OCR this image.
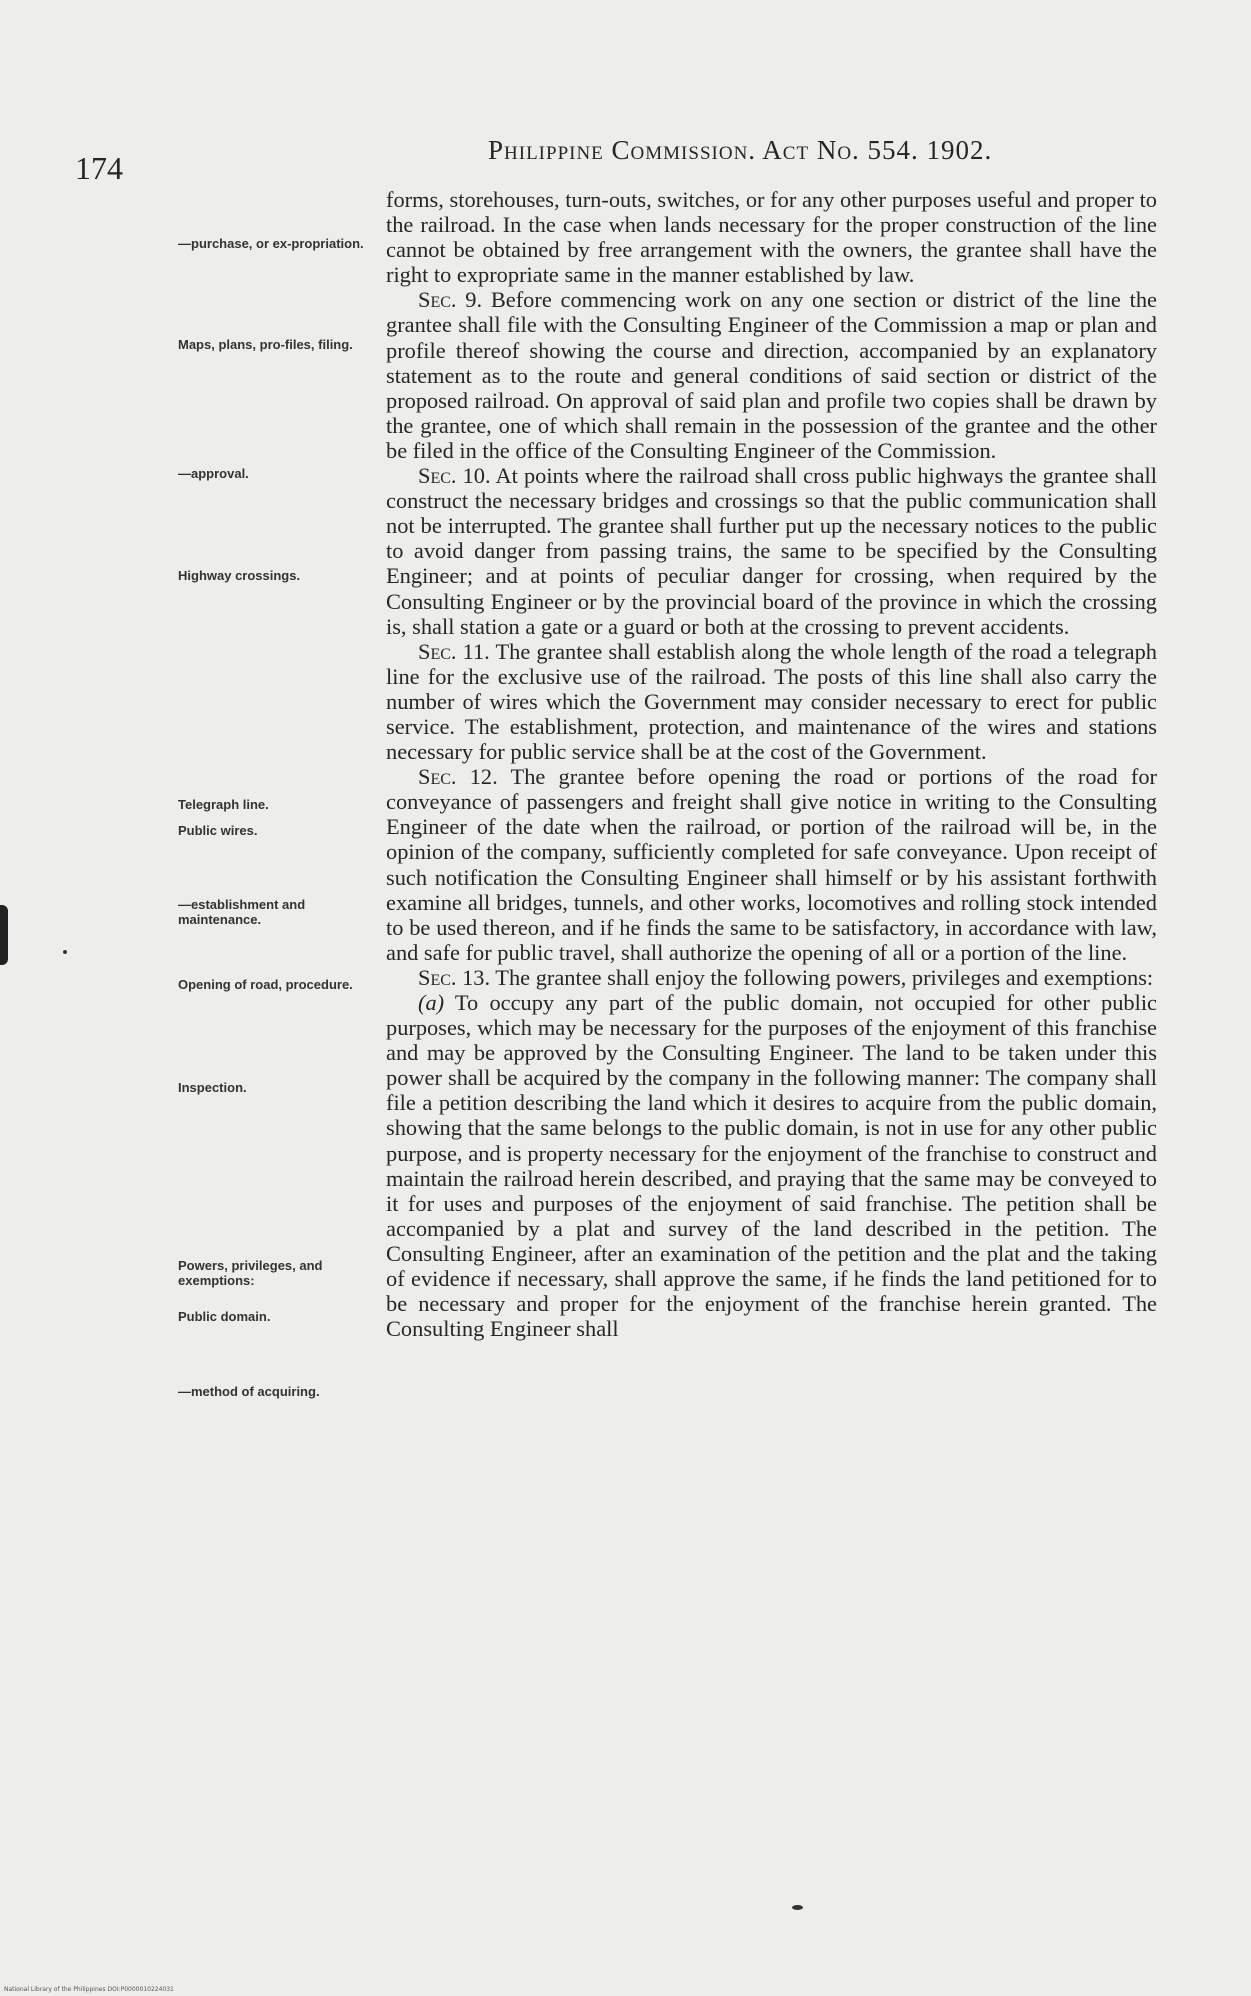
174	Philippine Commission. Act No. 554. 1902.
—purchase, or ex-propriation.
Maps, plans, pro-files, filing.
—approval.
Highway crossings.
Telegraph line.
Public wires.
—establishment and maintenance.
Opening of road, procedure.
Inspection.
Powers, privileges, and exemptions:
Public domain.
—method of acquiring.

forms, storehouses, turn-outs, switches, or for any other purposes useful and proper to the railroad. In the case when lands necessary for the proper construction of the line cannot be obtained by free arrangement with the owners, the grantee shall have the right to expropriate same in the manner established by law.

Sec. 9. Before commencing work on any one section or district of the line the grantee shall file with the Consulting Engineer of the Commission a map or plan and profile thereof showing the course and direction, accompanied by an explanatory statement as to the route and general conditions of said section or district of the proposed railroad. On approval of said plan and profile two copies shall be drawn by the grantee, one of which shall remain in the possession of the grantee and the other be filed in the office of the Consulting Engineer of the Commission.

Sec. 10. At points where the railroad shall cross public highways the grantee shall construct the necessary bridges and crossings so that the public communication shall not be interrupted. The grantee shall further put up the necessary notices to the public to avoid danger from passing trains, the same to be specified by the Consulting Engineer; and at points of peculiar danger for crossing, when required by the Consulting Engineer or by the provincial board of the province in which the crossing is, shall station a gate or a guard or both at the crossing to prevent accidents.

Sec. 11. The grantee shall establish along the whole length of the road a telegraph line for the exclusive use of the railroad. The posts of this line shall also carry the number of wires which the Government may consider necessary to erect for public service. The establishment, protection, and maintenance of the wires and stations necessary for public service shall be at the cost of the Government.

Sec. 12. The grantee before opening the road or portions of the road for conveyance of passengers and freight shall give notice in writing to the Consulting Engineer of the date when the railroad, or portion of the railroad will be, in the opinion of the company, sufficiently completed for safe conveyance. Upon receipt of such notification the Consulting Engineer shall himself or by his assistant forthwith examine all bridges, tunnels, and other works, locomotives and rolling stock intended to be used thereon, and if he finds the same to be satisfactory, in accordance with law, and safe for public travel, shall authorize the opening of all or a portion of the line.

Sec. 13. The grantee shall enjoy the following powers, privileges and exemptions:

(a) To occupy any part of the public domain, not occupied for other public purposes, which may be necessary for the purposes of the enjoyment of this franchise and may be approved by the Consulting Engineer. The land to be taken under this power shall be acquired by the company in the following manner: The company shall file a petition describing the land which it desires to acquire from the public domain, showing that the same belongs to the public domain, is not in use for any other public purpose, and is property necessary for the enjoyment of the franchise to construct and maintain the railroad herein described, and praying that the same may be conveyed to it for uses and purposes of the enjoyment of said franchise. The petition shall be accompanied by a plat and survey of the land described in the petition. The Consulting Engineer, after an examination of the petition and the plat and the taking of evidence if necessary, shall approve the same, if he finds the land petitioned for to be necessary and proper for the enjoyment of the franchise herein granted. The Consulting Engineer shall

National Library of the Philippines DOI:P0000010224031
